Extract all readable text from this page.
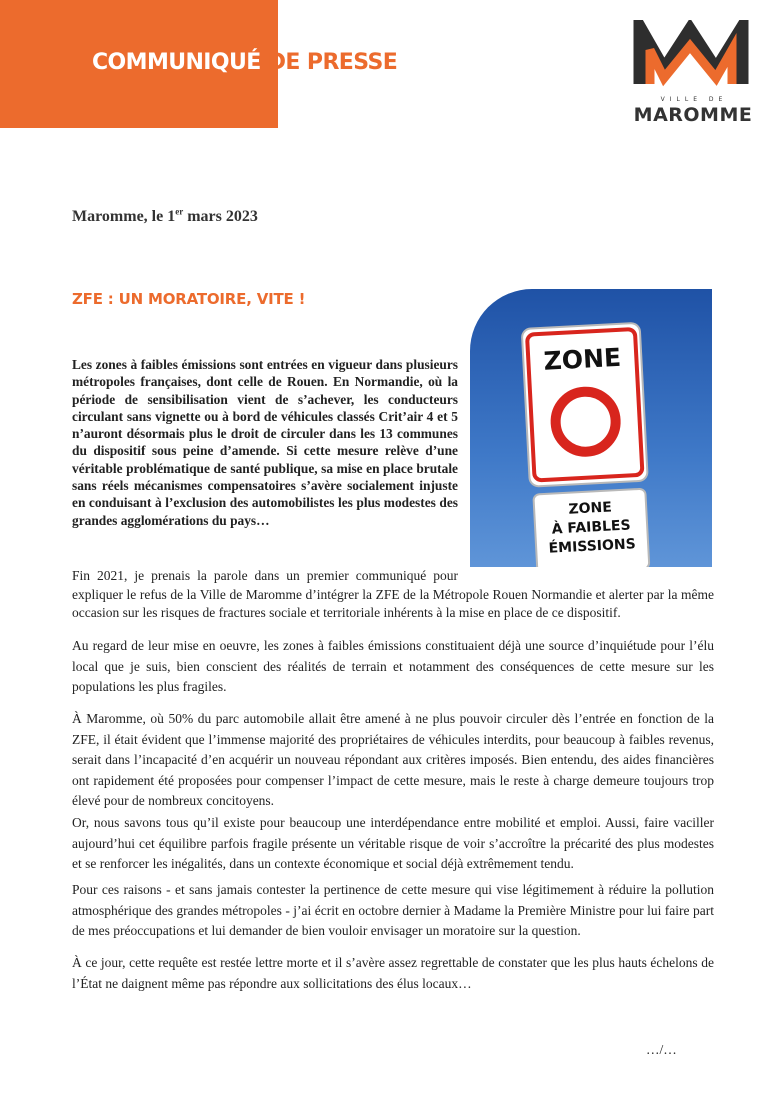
COMMUNIQUÉ DE PRESSE
VILLE DE
MAROMME
Maromme, le 1er mars 2023
ZFE : UN MORATOIRE, VITE !
ZONE
ZONE
À FAIBLES
ÉMISSIONS
Les zones à faibles émissions sont entrées en vigueur dans plusieurs métropoles françaises, dont celle de Rouen. En Normandie, où la période de sensibilisation vient de s’achever, les conducteurs circulant sans vignette ou à bord de véhicules classés Crit’air 4 et 5 n’auront désormais plus le droit de circuler dans les 13 communes du dispositif sous peine d’amende. Si cette mesure relève d’une véritable problématique de santé publique, sa mise en place brutale sans réels mécanismes compensatoires s’avère socialement injuste en conduisant à l’exclusion des automobilistes les plus modestes des grandes agglomérations du pays…
Fin 2021, je prenais la parole dans un premier communiqué pour
expliquer le refus de la Ville de Maromme d’intégrer la ZFE de la Métropole Rouen Normandie et alerter par la même occasion sur les risques de fractures sociale et territoriale inhérents à la mise en place de ce dispositif.
Au regard de leur mise en oeuvre, les zones à faibles émissions constituaient déjà une source d’inquiétude pour l’élu local que je suis, bien conscient des réalités de terrain et notamment des conséquences de cette mesure sur les populations les plus fragiles.
À Maromme, où 50% du parc automobile allait être amené à ne plus pouvoir circuler dès l’entrée en fonction de la ZFE, il était évident que l’immense majorité des propriétaires de véhicules interdits, pour beaucoup à faibles revenus, serait dans l’incapacité d’en acquérir un nouveau répondant aux critères imposés. Bien entendu, des aides financières ont rapidement été proposées pour compenser l’impact de cette mesure, mais le reste à charge demeure toujours trop élevé pour de nombreux concitoyens.
Or, nous savons tous qu’il existe pour beaucoup une interdépendance entre mobilité et emploi. Aussi, faire vaciller aujourd’hui cet équilibre parfois fragile présente un véritable risque de voir s’accroître la précarité des plus modestes et se renforcer les inégalités, dans un contexte économique et social déjà extrêmement tendu.
Pour ces raisons - et sans jamais contester la pertinence de cette mesure qui vise légitimement à réduire la pollution atmosphérique des grandes métropoles - j’ai écrit en octobre dernier à Madame la Première Ministre pour lui faire part de mes préoccupations et lui demander de bien vouloir envisager un moratoire sur la question.
À ce jour, cette requête est restée lettre morte et il s’avère assez regrettable de constater que les plus hauts échelons de l’État ne daignent même pas répondre aux sollicitations des élus locaux…
…/…
